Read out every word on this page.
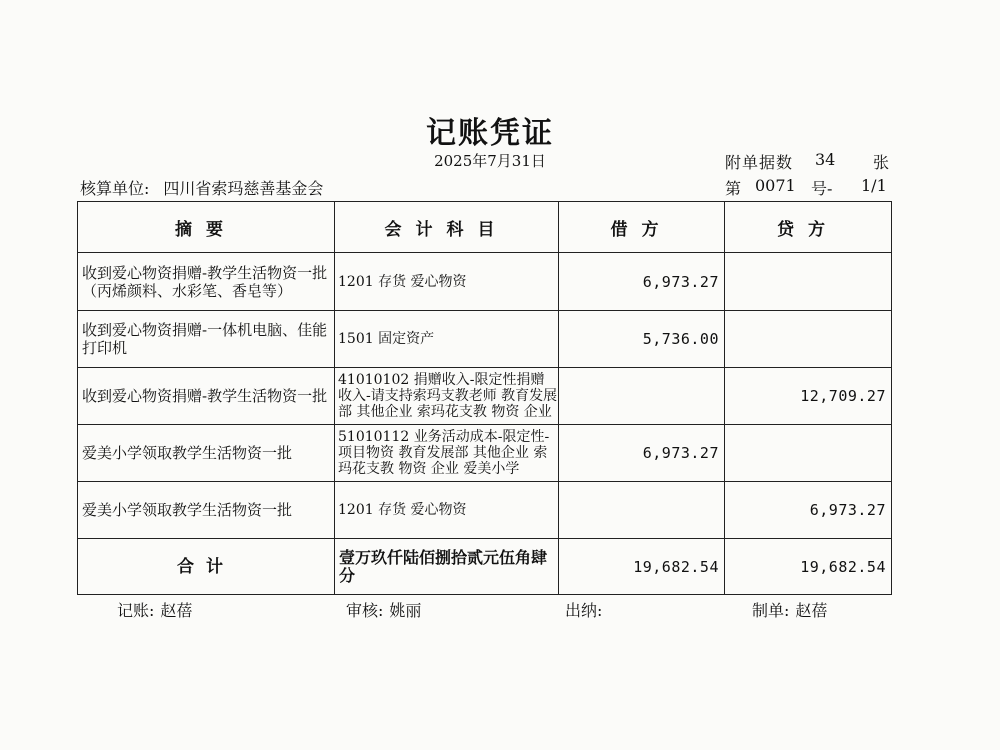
记账凭证
2025年7月31日	附单据数 34 张
核算单位: 四川省索玛慈善基金会	第 0071 号- 1/1
摘要	会计科目	借方	贷方
收到爱心物资捐赠-教学生活物资一批（丙烯颜料、水彩笔、香皂等）	1201 存货 爱心物资	6,973.27	
收到爱心物资捐赠-一体机电脑、佳能打印机	1501 固定资产	5,736.00	
收到爱心物资捐赠-教学生活物资一批	41010102 捐赠收入-限定性捐赠收入-请支持索玛支教老师 教育发展部 其他企业 索玛花支教 物资 企业		12,709.27
爱美小学领取教学生活物资一批	51010112 业务活动成本-限定性-项目物资 教育发展部 其他企业 索玛花支教 物资 企业 爱美小学	6,973.27	
爱美小学领取教学生活物资一批	1201 存货 爱心物资		6,973.27
合计	壹万玖仟陆佰捌拾贰元伍角肆分	19,682.54	19,682.54
记账: 赵蓓	审核: 姚丽	出纳:	制单: 赵蓓
